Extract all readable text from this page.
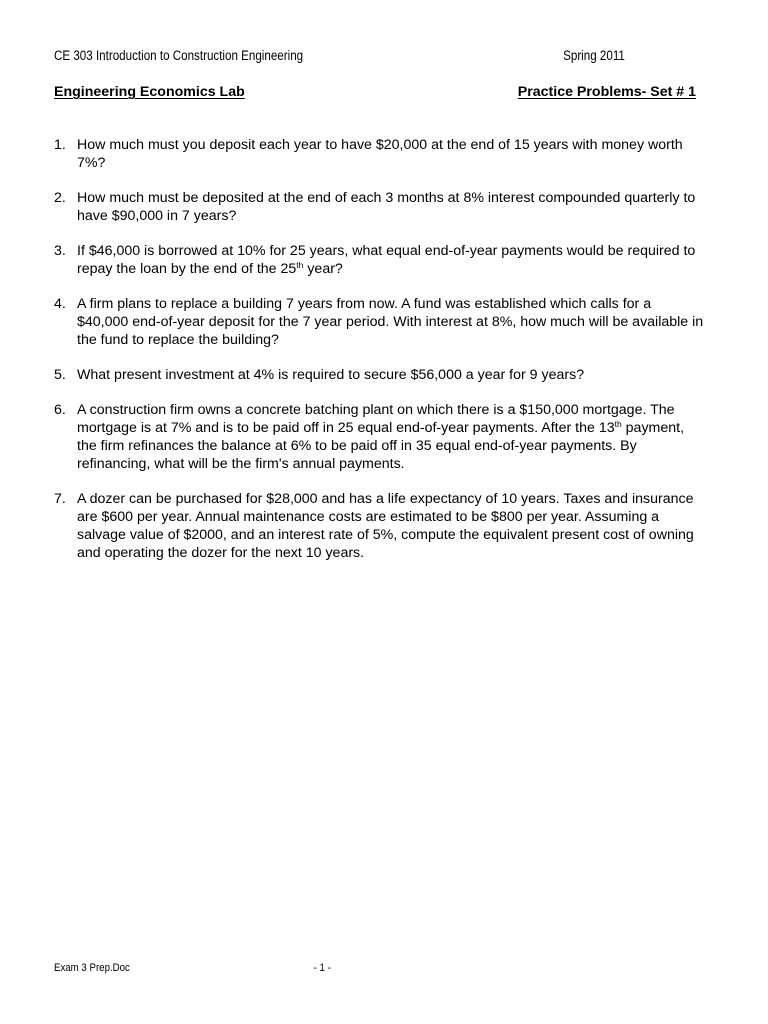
CE 303 Introduction to Construction Engineering	Spring 2011
Engineering Economics Lab	Practice Problems- Set # 1
1. How much must you deposit each year to have $20,000 at the end of 15 years with money worth 7%?
2. How much must be deposited at the end of each 3 months at 8% interest compounded quarterly to have $90,000 in 7 years?
3. If $46,000 is borrowed at 10% for 25 years, what equal end-of-year payments would be required to repay the loan by the end of the 25th year?
4. A firm plans to replace a building 7 years from now. A fund was established which calls for a $40,000 end-of-year deposit for the 7 year period. With interest at 8%, how much will be available in the fund to replace the building?
5. What present investment at 4% is required to secure $56,000 a year for 9 years?
6. A construction firm owns a concrete batching plant on which there is a $150,000 mortgage. The mortgage is at 7% and is to be paid off in 25 equal end-of-year payments. After the 13th payment, the firm refinances the balance at 6% to be paid off in 35 equal end-of-year payments. By refinancing, what will be the firm's annual payments.
7. A dozer can be purchased for $28,000 and has a life expectancy of 10 years. Taxes and insurance are $600 per year. Annual maintenance costs are estimated to be $800 per year. Assuming a salvage value of $2000, and an interest rate of 5%, compute the equivalent present cost of owning and operating the dozer for the next 10 years.
Exam 3 Prep.Doc	- 1 -
